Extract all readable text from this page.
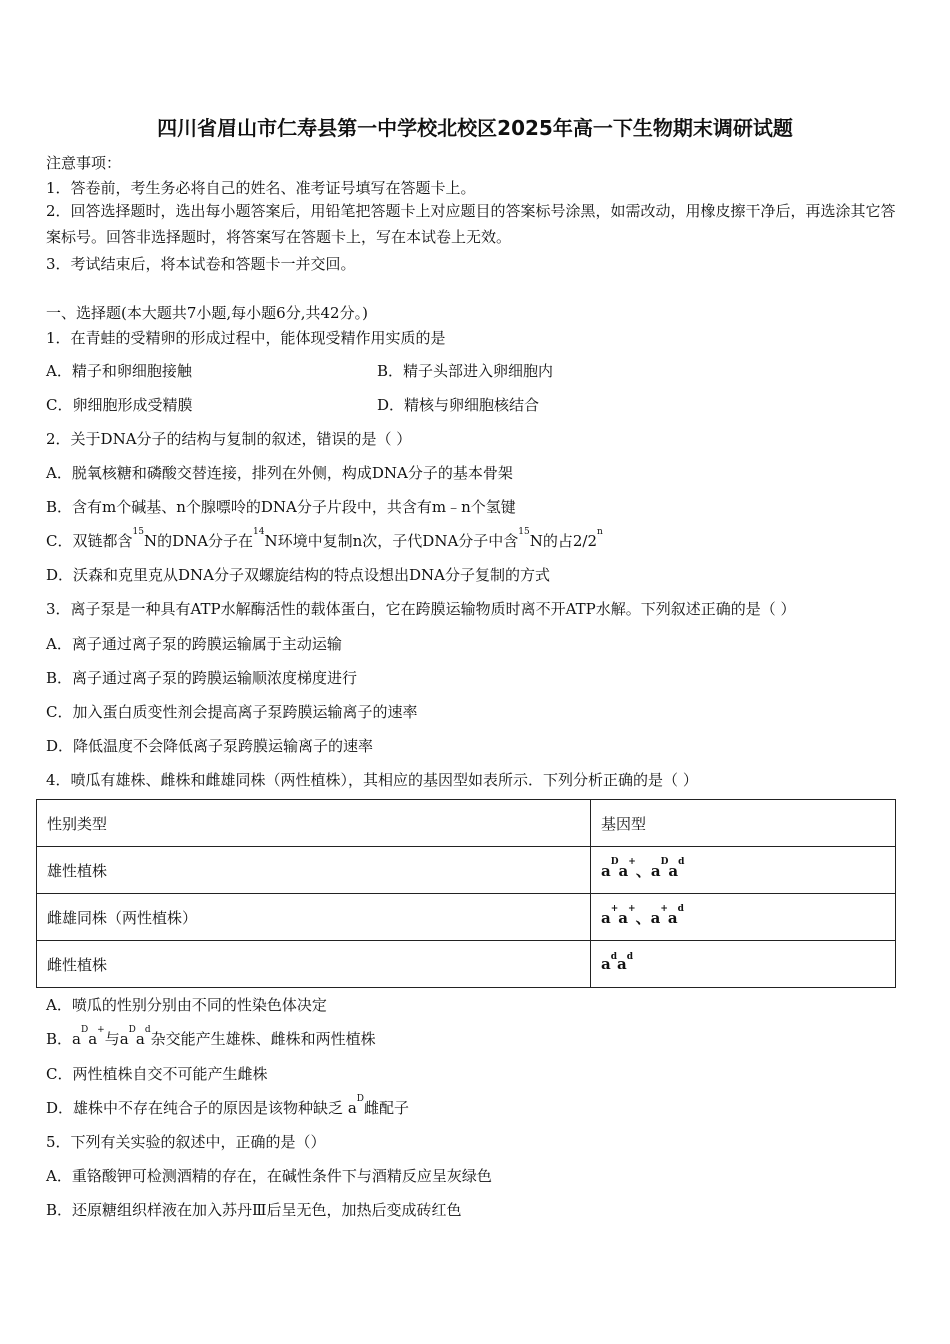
四川省眉山市仁寿县第一中学校北校区2025年高一下生物期末调研试题
注意事项：
1．答卷前，考生务必将自己的姓名、准考证号填写在答题卡上。
2．回答选择题时，选出每小题答案后，用铅笔把答题卡上对应题目的答案标号涂黑，如需改动，用橡皮擦干净后，再选涂其它答案标号。回答非选择题时，将答案写在答题卡上，写在本试卷上无效。
3．考试结束后，将本试卷和答题卡一并交回。
一、选择题(本大题共7小题,每小题6分,共42分。)
1．在青蛙的受精卵的形成过程中，能体现受精作用实质的是
A．精子和卵细胞接触	B．精子头部进入卵细胞内
C．卵细胞形成受精膜	D．精核与卵细胞核结合
2．关于DNA分子的结构与复制的叙述，错误的是（ ）
A．脱氧核糖和磷酸交替连接，排列在外侧，构成DNA分子的基本骨架
B．含有m个碱基、n个腺嘌呤的DNA分子片段中，共含有m﹣n个氢键
C．双链都含$^{15}$N的DNA分子在$^{14}$N环境中复制n次，子代DNA分子中含$^{15}$N的占2/2$^n$
D．沃森和克里克从DNA分子双螺旋结构的特点设想出DNA分子复制的方式
3．离子泵是一种具有ATP水解酶活性的载体蛋白，它在跨膜运输物质时离不开ATP水解。下列叙述正确的是（ ）
A．离子通过离子泵的跨膜运输属于主动运输
B．离子通过离子泵的跨膜运输顺浓度梯度进行
C．加入蛋白质变性剂会提高离子泵跨膜运输离子的速率
D．降低温度不会降低离子泵跨膜运输离子的速率
4．喷瓜有雄株、雌株和雌雄同株（两性植株），其相应的基因型如表所示．下列分析正确的是（ ）
性别类型	基因型
雄性植株	$a^Da^+$、$a^Da^d$
雌雄同株（两性植株）	a+a+、$a^+a^d$
雌性植株	$a^da^d$
A．喷瓜的性别分别由不同的性染色体决定
B．$a^Da^+$与$a^Da^d$杂交能产生雄株、雌株和两性植株
C．两性植株自交不可能产生雌株
D．雄株中不存在纯合子的原因是该物种缺乏 $a^D$雌配子
5．下列有关实验的叙述中，正确的是（）
A．重铬酸钾可检测酒精的存在，在碱性条件下与酒精反应呈灰绿色
B．还原糖组织样液在加入苏丹Ⅲ后呈无色，加热后变成砖红色
